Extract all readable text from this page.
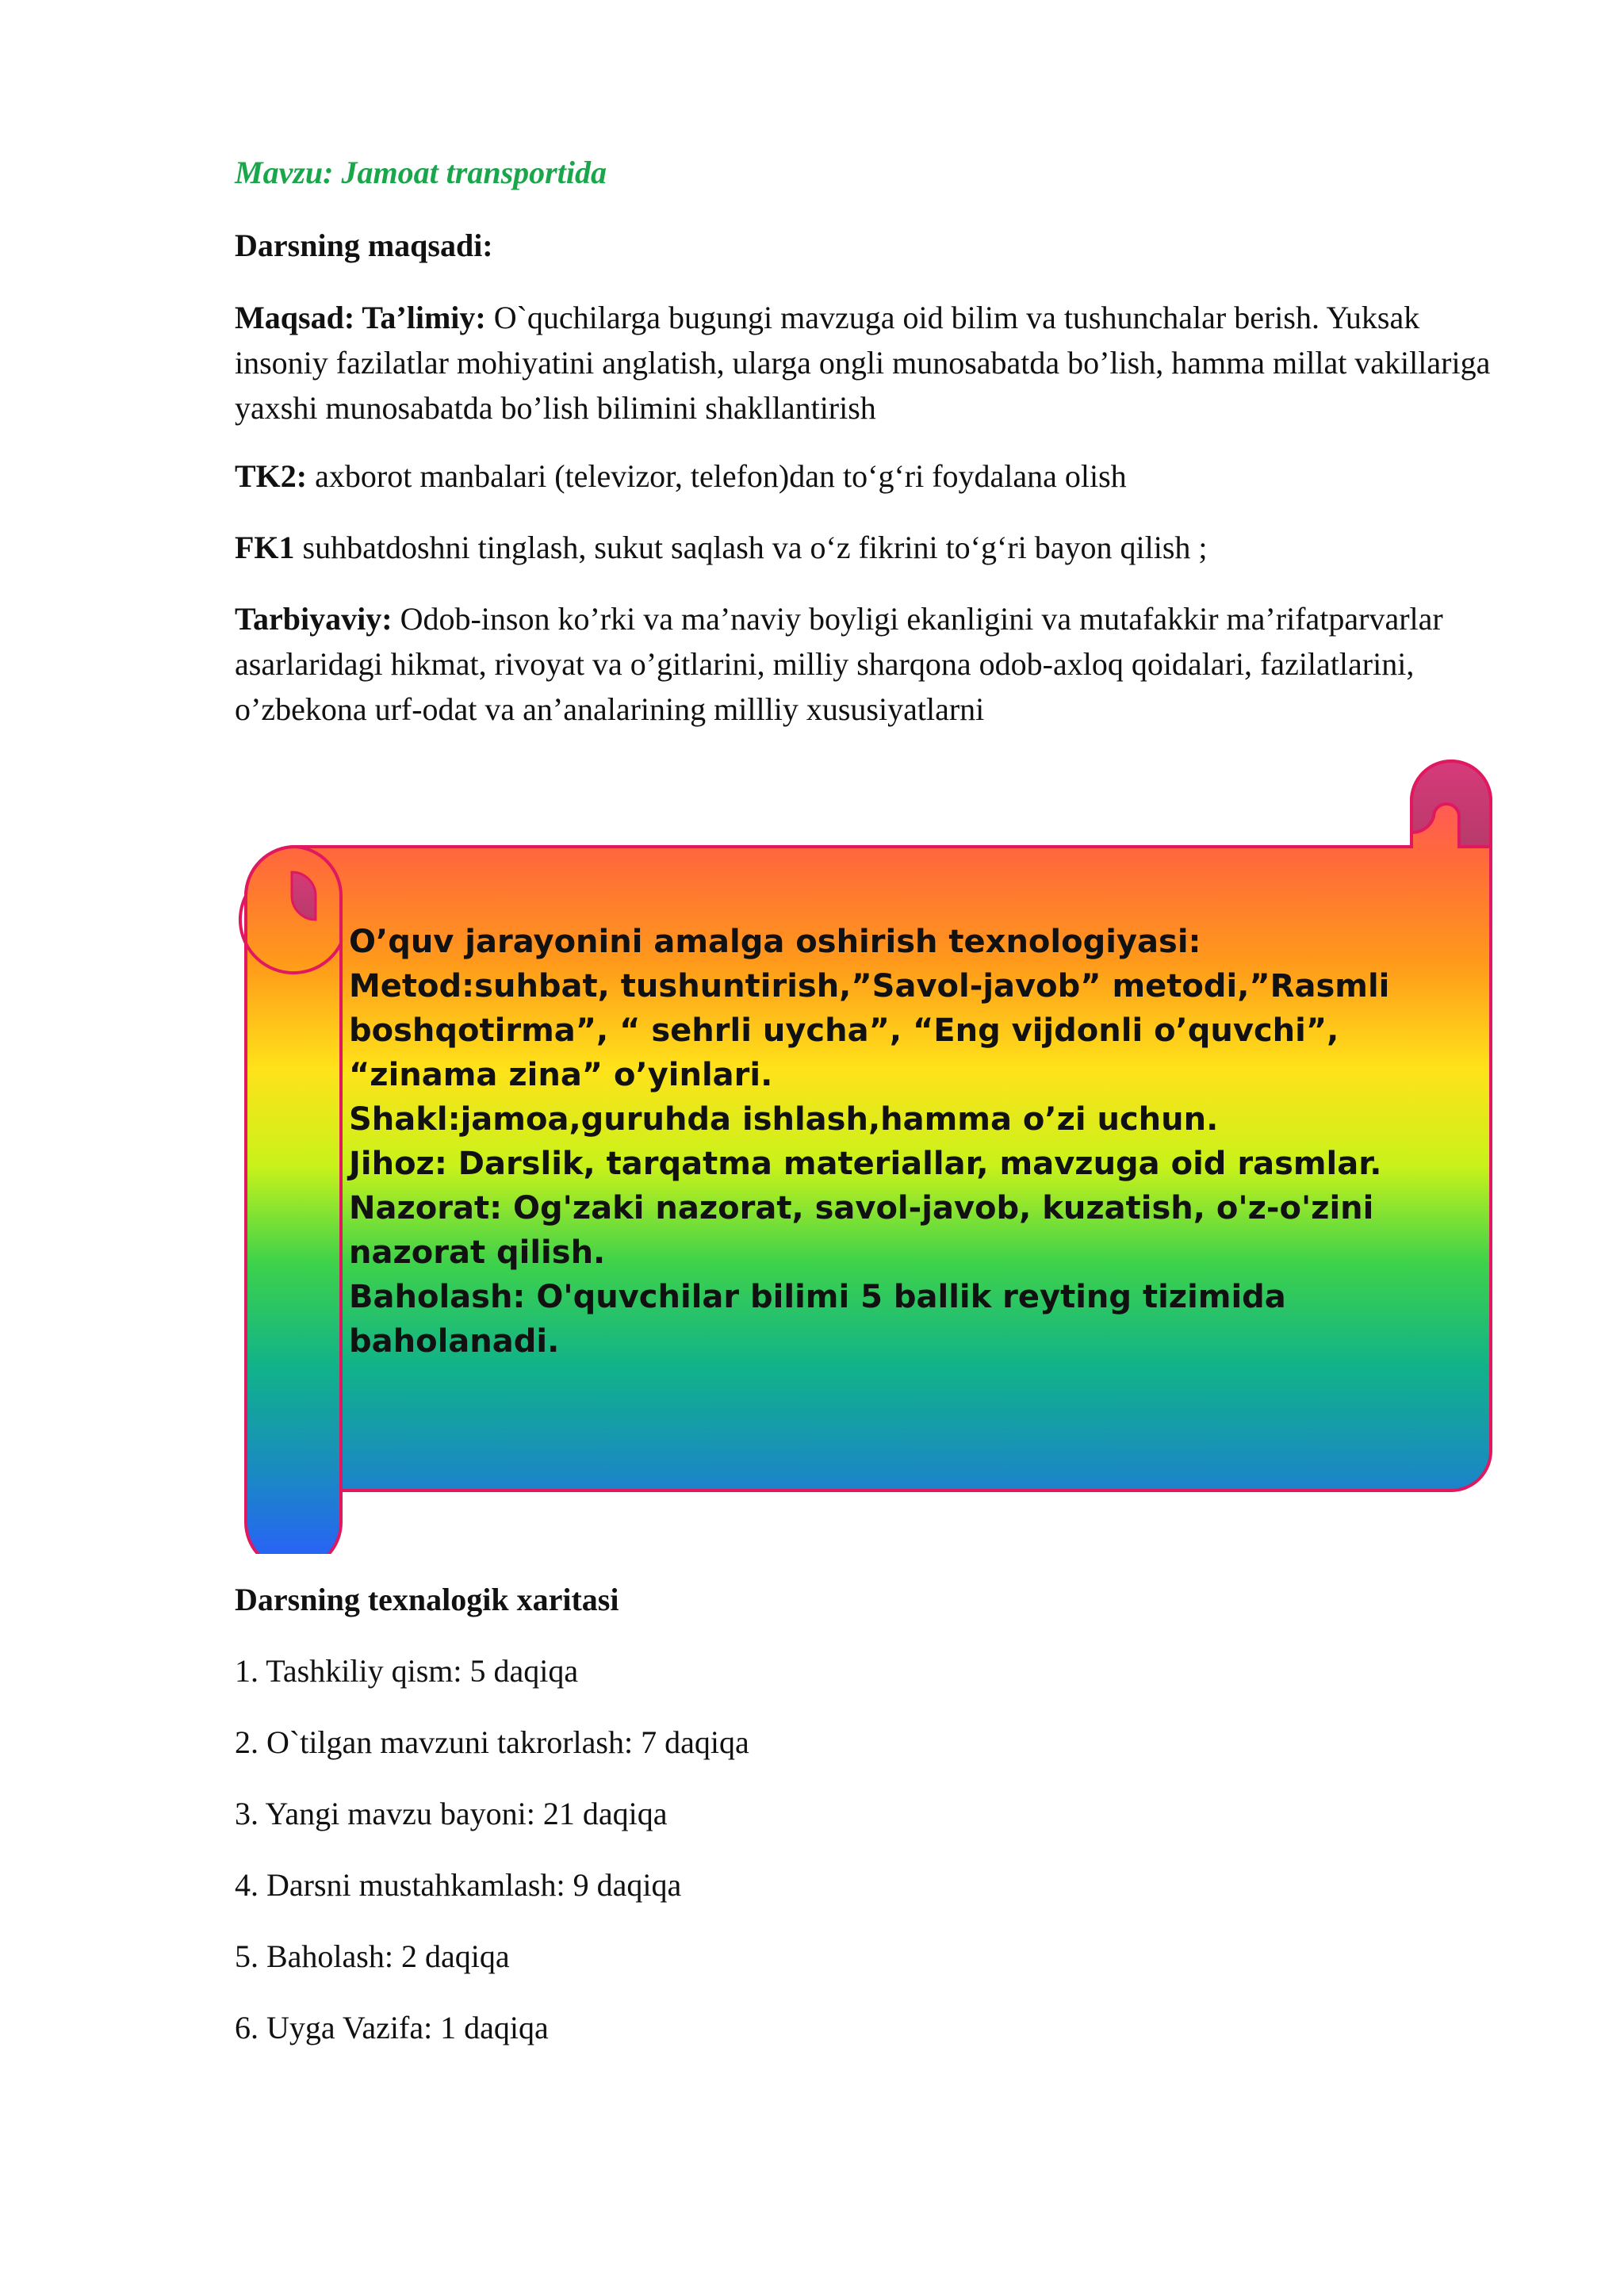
Mavzu: Jamoat transportida
Darsning maqsadi:

Maqsad: Ta’limiy: O`quchilarga bugungi mavzuga oid bilim va tushunchalar berish. Yuksak insoniy fazilatlar mohiyatini anglatish, ularga ongli munosabatda bo’lish, hamma millat vakillariga yaxshi munosabatda bo’lish bilimini shakllantirish

TK2: axborot manbalari (televizor, telefon)dan to‘g‘ri foydalana olish

FK1 suhbatdoshni tinglash, sukut saqlash va o‘z fikrini to‘g‘ri bayon qilish ;

Tarbiyaviy: Odob-inson ko’rki va ma’naviy boyligi ekanligini va mutafakkir ma’rifatparvarlar asarlaridagi hikmat, rivoyat va o’gitlarini, milliy sharqona odob-axloq qoidalari, fazilatlarini, o’zbekona urf-odat va an’analarining millliy xususiyatlarni

O’quv jarayonini amalga oshirish texnologiyasi:
Metod:suhbat, tushuntirish,”Savol-javob” metodi,”Rasmli
boshqotirma”, “ sehrli uycha”, “Eng vijdonli o’quvchi”,
“zinama zina” o’yinlari.
Shakl:jamoa,guruhda ishlash,hamma o’zi uchun.
Jihoz: Darslik, tarqatma materiallar, mavzuga oid rasmlar.
Nazorat: Og'zaki nazorat, savol-javob, kuzatish, o'z-o'zini
nazorat qilish.
Baholash: O'quvchilar bilimi 5 ballik reyting tizimida
baholanadi.
Darsning texnalogik xaritasi
1. Tashkiliy qism: 5 daqiqa
2. O`tilgan mavzuni takrorlash: 7 daqiqa
3. Yangi mavzu bayoni: 21 daqiqa
4. Darsni mustahkamlash: 9 daqiqa
5. Baholash: 2 daqiqa
6. Uyga Vazifa: 1 daqiqa
